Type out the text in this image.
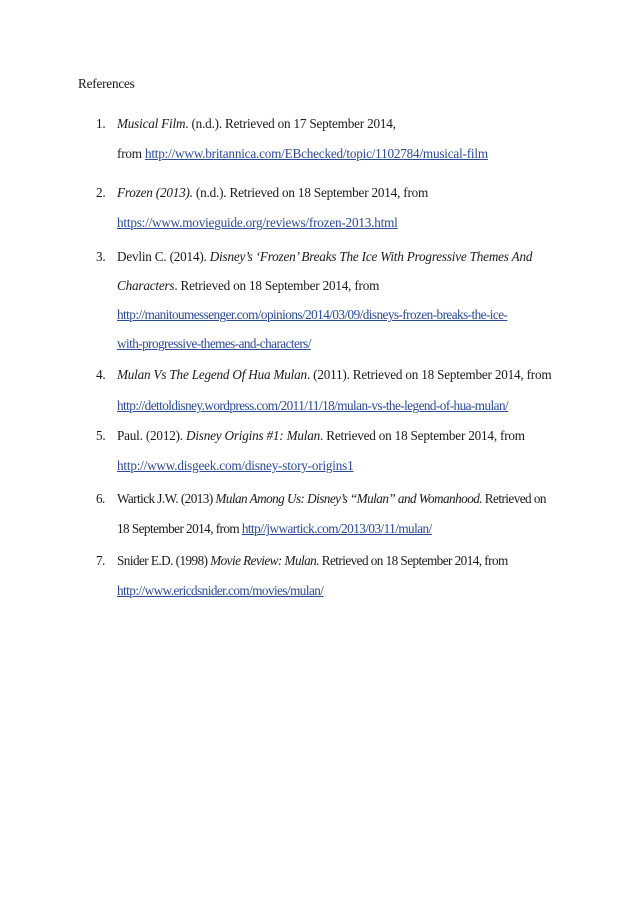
References
1. Musical Film. (n.d.). Retrieved on 17 September 2014,
from http://www.britannica.com/EBchecked/topic/1102784/musical-film
2. Frozen (2013). (n.d.). Retrieved on 18 September 2014, from
https://www.movieguide.org/reviews/frozen-2013.html
3. Devlin C. (2014). Disney’s ‘Frozen’ Breaks The Ice With Progressive Themes And
Characters. Retrieved on 18 September 2014, from
http://manitoumessenger.com/opinions/2014/03/09/disneys-frozen-breaks-the-ice-
with-progressive-themes-and-characters/
4. Mulan Vs The Legend Of Hua Mulan. (2011). Retrieved on 18 September 2014, from
http://dettoldisney.wordpress.com/2011/11/18/mulan-vs-the-legend-of-hua-mulan/
5. Paul. (2012). Disney Origins #1: Mulan. Retrieved on 18 September 2014, from
http://www.disgeek.com/disney-story-origins1
6. Wartick J.W. (2013) Mulan Among Us: Disney’s “Mulan” and Womanhood. Retrieved on
18 September 2014, from http//jwwartick.com/2013/03/11/mulan/
7. Snider E.D. (1998) Movie Review: Mulan. Retrieved on 18 September 2014, from
http://www.ericdsnider.com/movies/mulan/
